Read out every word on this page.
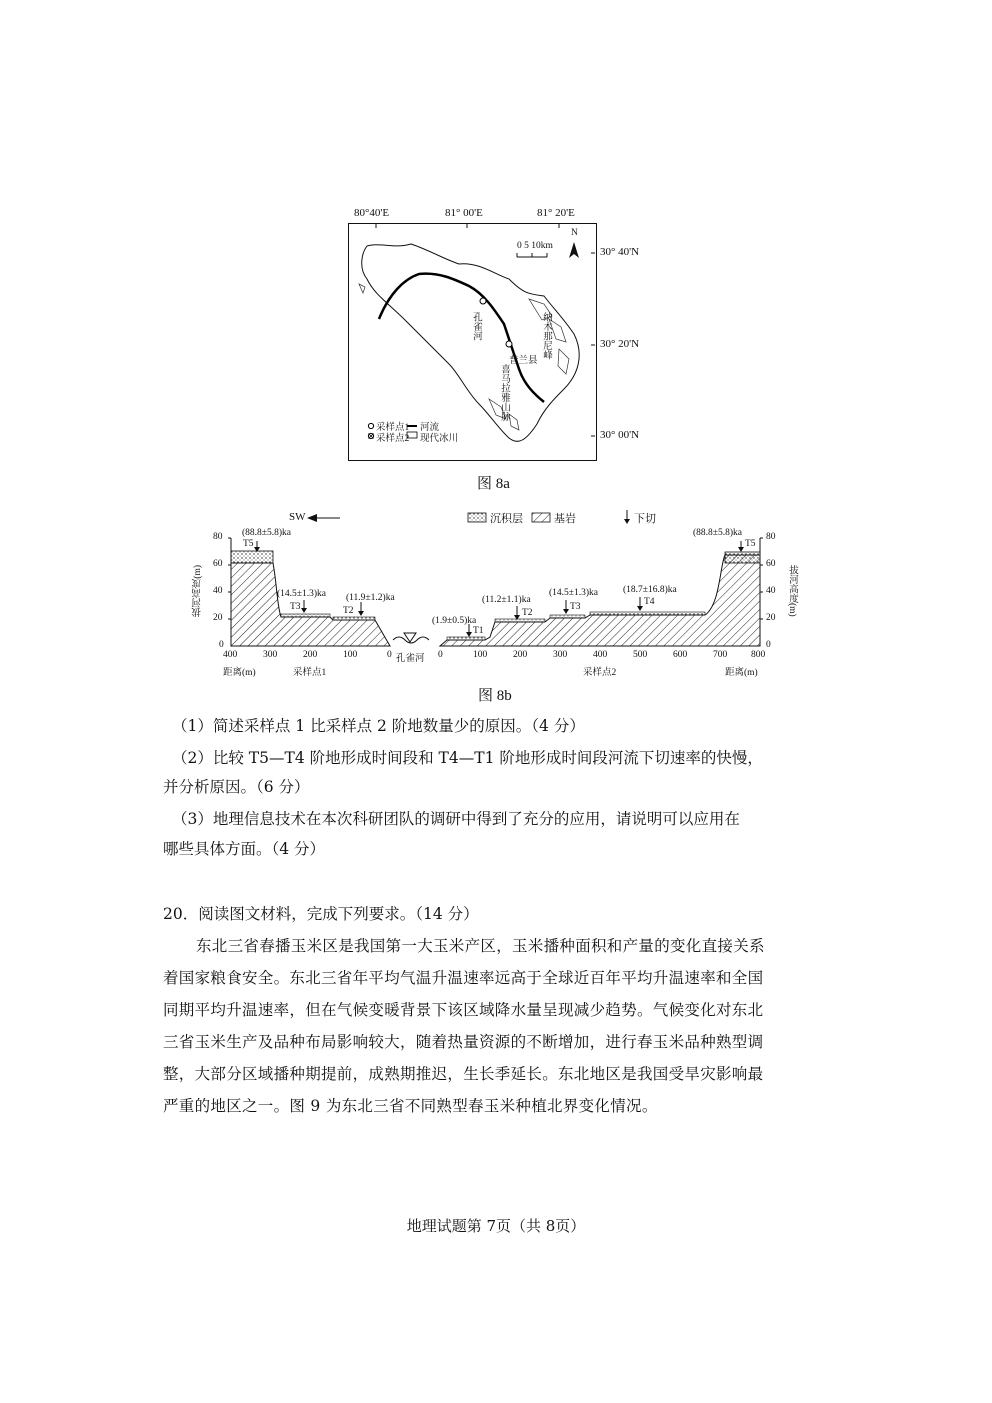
80°40'E	81° 00'E	81° 20'E
30° 40'N
30° 20'N
30° 00'N
0 5 10km
N
孔雀河
普兰县
纳木那尼峰
喜马拉雅山脉
采样点1
采样点2
河流
现代冰川
图 8a
SW	沉积层	基岩	下切
80
60
40
20
0
80
60
40
20
0
拔河高度(m)	拔河高度(m)
400	300	200	100	0 孔雀河 0	100	200	300	400	500	600	700	800
距离(m)	采样点1	采样点2	距离(m)
(88.8±5.8)ka
T5
(14.5±1.3)ka
T3
(11.9±1.2)ka
T2
(1.9±0.5)ka
T1
(11.2±1.1)ka
T2
(14.5±1.3)ka
T3
(18.7±16.8)ka
T4
(88.8±5.8)ka
T5
图 8b
（1）简述采样点 1 比采样点 2 阶地数量少的原因。（4 分）
（2）比较 T5—T4 阶地形成时间段和 T4—T1 阶地形成时间段河流下切速率的快慢，
并分析原因。（6 分）
（3）地理信息技术在本次科研团队的调研中得到了充分的应用，请说明可以应用在
哪些具体方面。（4 分）
20．阅读图文材料，完成下列要求。（14 分）
东北三省春播玉米区是我国第一大玉米产区，玉米播种面积和产量的变化直接关系
着国家粮食安全。东北三省年平均气温升温速率远高于全球近百年平均升温速率和全国
同期平均升温速率，但在气候变暖背景下该区域降水量呈现减少趋势。气候变化对东北
三省玉米生产及品种布局影响较大，随着热量资源的不断增加，进行春玉米品种熟型调
整，大部分区域播种期提前，成熟期推迟，生长季延长。东北地区是我国受旱灾影响最
严重的地区之一。图 9 为东北三省不同熟型春玉米种植北界变化情况。
地理试题第 7页（共 8页）
